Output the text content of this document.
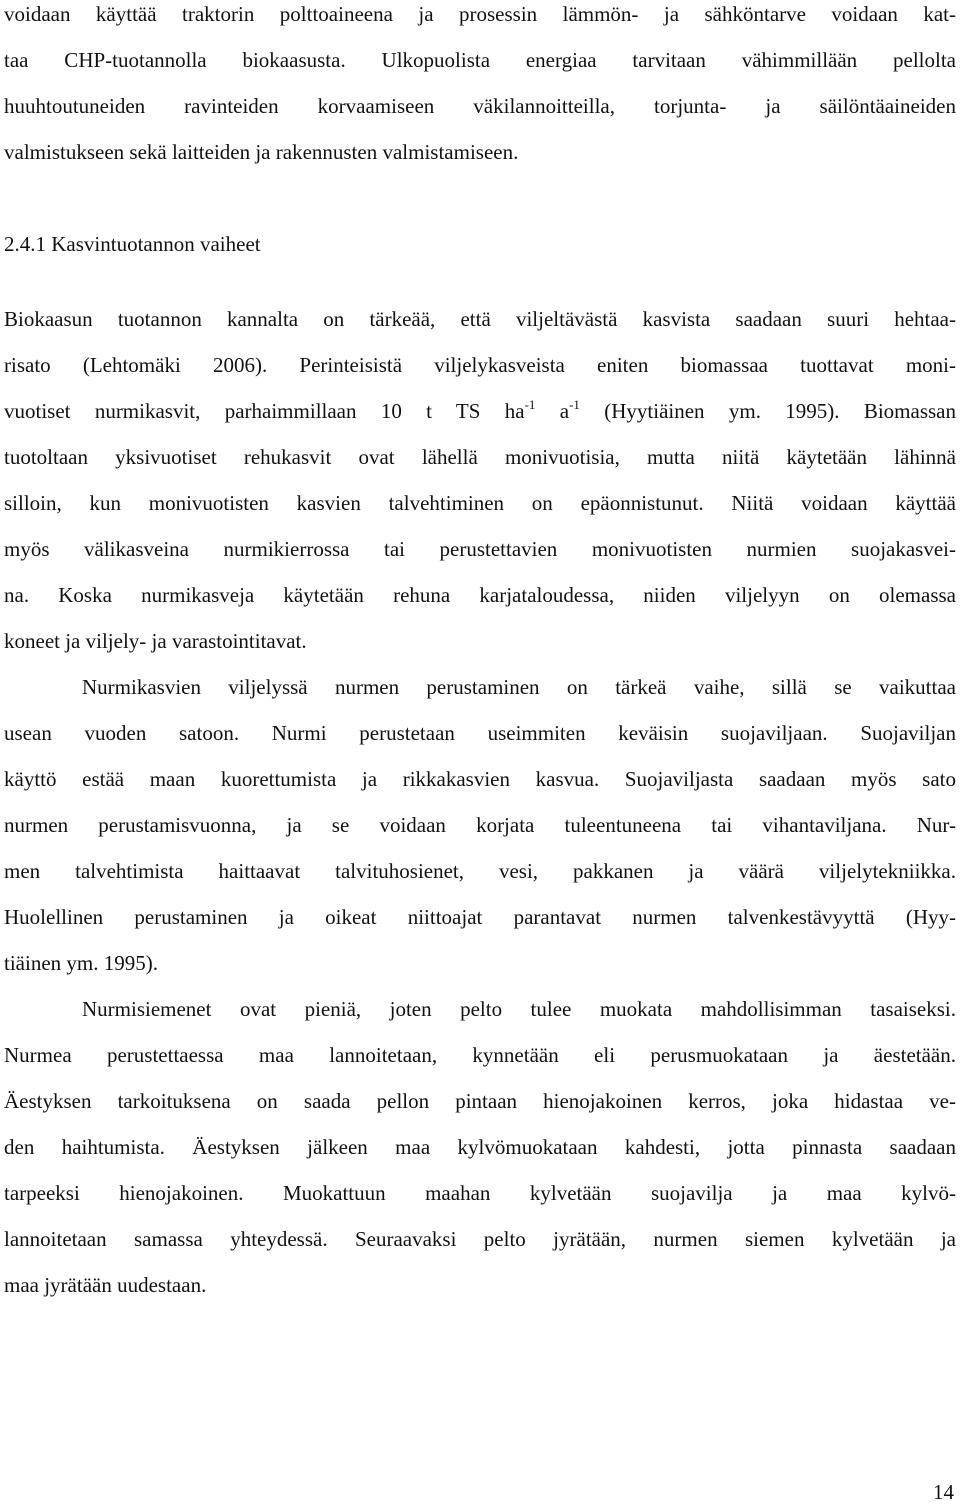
voidaan käyttää traktorin polttoaineena ja prosessin lämmön- ja sähköntarve voidaan kat-
taa CHP-tuotannolla biokaasusta. Ulkopuolista energiaa tarvitaan vähimmillään pellolta
huuhtoutuneiden ravinteiden korvaamiseen väkilannoitteilla, torjunta- ja säilöntäaineiden
valmistukseen sekä laitteiden ja rakennusten valmistamiseen.
2.4.1 Kasvintuotannon vaiheet
Biokaasun tuotannon kannalta on tärkeää, että viljeltävästä kasvista saadaan suuri hehtaa-
risato (Lehtomäki 2006). Perinteisistä viljelykasveista eniten biomassaa tuottavat moni-
vuotiset nurmikasvit, parhaimmillaan 10 t TS $ha^{-1}$ $a^{-1}$ (Hyytiäinen ym. 1995). Biomassan
tuotoltaan yksivuotiset rehukasvit ovat lähellä monivuotisia, mutta niitä käytetään lähinnä
silloin, kun monivuotisten kasvien talvehtiminen on epäonnistunut. Niitä voidaan käyttää
myös välikasveina nurmikierrossa tai perustettavien monivuotisten nurmien suojakasvei-
na. Koska nurmikasveja käytetään rehuna karjataloudessa, niiden viljelyyn on olemassa
koneet ja viljely- ja varastointitavat.
Nurmikasvien viljelyssä nurmen perustaminen on tärkeä vaihe, sillä se vaikuttaa
usean vuoden satoon. Nurmi perustetaan useimmiten keväisin suojaviljaan. Suojaviljan
käyttö estää maan kuorettumista ja rikkakasvien kasvua. Suojaviljasta saadaan myös sato
nurmen perustamisvuonna, ja se voidaan korjata tuleentuneena tai vihantaviljana. Nur-
men talvehtimista haittaavat talvituhosienet, vesi, pakkanen ja väärä viljelytekniikka.
Huolellinen perustaminen ja oikeat niittoajat parantavat nurmen talvenkestävyyttä (Hyy-
tiäinen ym. 1995).
Nurmisiemenet ovat pieniä, joten pelto tulee muokata mahdollisimman tasaiseksi.
Nurmea perustettaessa maa lannoitetaan, kynnetään eli perusmuokataan ja äestetään.
Äestyksen tarkoituksena on saada pellon pintaan hienojakoinen kerros, joka hidastaa ve-
den haihtumista. Äestyksen jälkeen maa kylvömuokataan kahdesti, jotta pinnasta saadaan
tarpeeksi hienojakoinen. Muokattuun maahan kylvetään suojavilja ja maa kylvö-
lannoitetaan samassa yhteydessä. Seuraavaksi pelto jyrätään, nurmen siemen kylvetään ja
maa jyrätään uudestaan.
14
